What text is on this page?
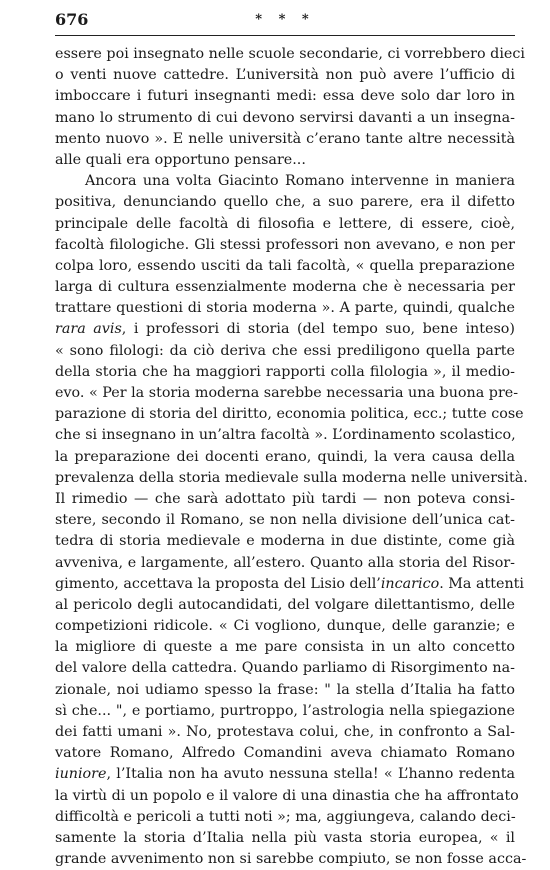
676	* * *
essere poi insegnato nelle scuole secondarie, ci vorrebbero dieci
o venti nuove cattedre. L’università non può avere l’ufficio di
imboccare i futuri insegnanti medi: essa deve solo dar loro in
mano lo strumento di cui devono servirsi davanti a un insegna-
mento nuovo ». E nelle università c’erano tante altre necessità
alle quali era opportuno pensare...
Ancora una volta Giacinto Romano intervenne in maniera
positiva, denunciando quello che, a suo parere, era il difetto
principale delle facoltà di filosofia e lettere, di essere, cioè,
facoltà filologiche. Gli stessi professori non avevano, e non per
colpa loro, essendo usciti da tali facoltà, « quella preparazione
larga di cultura essenzialmente moderna che è necessaria per
trattare questioni di storia moderna ». A parte, quindi, qualche
rara avis, i professori di storia (del tempo suo, bene inteso)
« sono filologi: da ciò deriva che essi prediligono quella parte
della storia che ha maggiori rapporti colla filologia », il medio-
evo. « Per la storia moderna sarebbe necessaria una buona pre-
parazione di storia del diritto, economia politica, ecc.; tutte cose
che si insegnano in un’altra facoltà ». L’ordinamento scolastico,
la preparazione dei docenti erano, quindi, la vera causa della
prevalenza della storia medievale sulla moderna nelle università.
Il rimedio — che sarà adottato più tardi — non poteva consi-
stere, secondo il Romano, se non nella divisione dell’unica cat-
tedra di storia medievale e moderna in due distinte, come già
avveniva, e largamente, all’estero. Quanto alla storia del Risor-
gimento, accettava la proposta del Lisio dell’incarico. Ma attenti
al pericolo degli autocandidati, del volgare dilettantismo, delle
competizioni ridicole. « Ci vogliono, dunque, delle garanzie; e
la migliore di queste a me pare consista in un alto concetto
del valore della cattedra. Quando parliamo di Risorgimento na-
zionale, noi udiamo spesso la frase: " la stella d’Italia ha fatto
sì che... ", e portiamo, purtroppo, l’astrologia nella spiegazione
dei fatti umani ». No, protestava colui, che, in confronto a Sal-
vatore Romano, Alfredo Comandini aveva chiamato Romano
iuniore, l’Italia non ha avuto nessuna stella! « L’hanno redenta
la virtù di un popolo e il valore di una dinastia che ha affrontato
difficoltà e pericoli a tutti noti »; ma, aggiungeva, calando deci-
samente la storia d’Italia nella più vasta storia europea, « il
grande avvenimento non si sarebbe compiuto, se non fosse acca-
